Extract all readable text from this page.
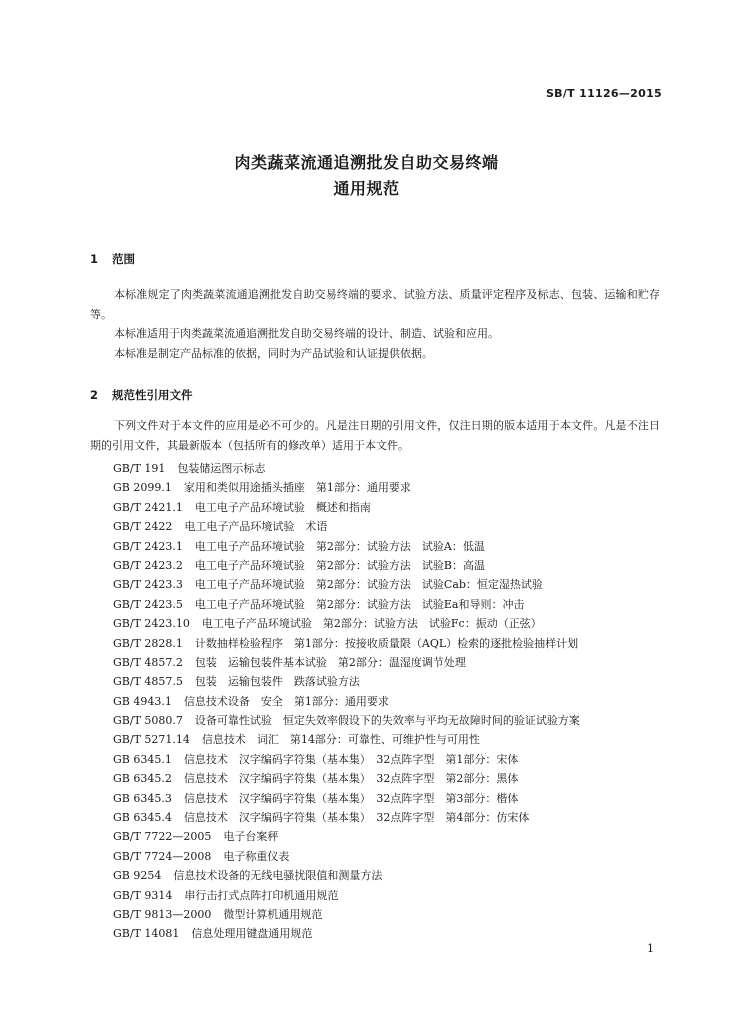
SB/T 11126—2015
肉类蔬菜流通追溯批发自助交易终端
通用规范
1 范围
本标准规定了肉类蔬菜流通追溯批发自助交易终端的要求、试验方法、质量评定程序及标志、包装、运输和贮存等。
本标准适用于肉类蔬菜流通追溯批发自助交易终端的设计、制造、试验和应用。
本标准是制定产品标准的依据，同时为产品试验和认证提供依据。
2 规范性引用文件
下列文件对于本文件的应用是必不可少的。凡是注日期的引用文件，仅注日期的版本适用于本文件。凡是不注日期的引用文件，其最新版本（包括所有的修改单）适用于本文件。
GB/T 191 包装储运图示标志
GB 2099.1 家用和类似用途插头插座　第1部分：通用要求
GB/T 2421.1 电工电子产品环境试验　概述和指南
GB/T 2422 电工电子产品环境试验　术语
GB/T 2423.1 电工电子产品环境试验　第2部分：试验方法　试验A：低温
GB/T 2423.2 电工电子产品环境试验　第2部分：试验方法　试验B：高温
GB/T 2423.3 电工电子产品环境试验　第2部分：试验方法　试验Cab：恒定湿热试验
GB/T 2423.5 电工电子产品环境试验　第2部分：试验方法　试验Ea和导则：冲击
GB/T 2423.10 电工电子产品环境试验　第2部分：试验方法　试验Fc：振动（正弦）
GB/T 2828.1 计数抽样检验程序　第1部分：按接收质量限（AQL）检索的逐批检验抽样计划
GB/T 4857.2 包装　运输包装件基本试验　第2部分：温湿度调节处理
GB/T 4857.5 包装　运输包装件　跌落试验方法
GB 4943.1 信息技术设备　安全　第1部分：通用要求
GB/T 5080.7 设备可靠性试验　恒定失效率假设下的失效率与平均无故障时间的验证试验方案
GB/T 5271.14 信息技术　词汇　第14部分：可靠性、可维护性与可用性
GB 6345.1 信息技术　汉字编码字符集（基本集）　32点阵字型　第1部分：宋体
GB 6345.2 信息技术　汉字编码字符集（基本集）　32点阵字型　第2部分：黑体
GB 6345.3 信息技术　汉字编码字符集（基本集）　32点阵字型　第3部分：楷体
GB 6345.4 信息技术　汉字编码字符集（基本集）　32点阵字型　第4部分：仿宋体
GB/T 7722—2005 电子台案秤
GB/T 7724—2008 电子称重仪表
GB 9254 信息技术设备的无线电骚扰限值和测量方法
GB/T 9314 串行击打式点阵打印机通用规范
GB/T 9813—2000 微型计算机通用规范
GB/T 14081 信息处理用键盘通用规范
1
